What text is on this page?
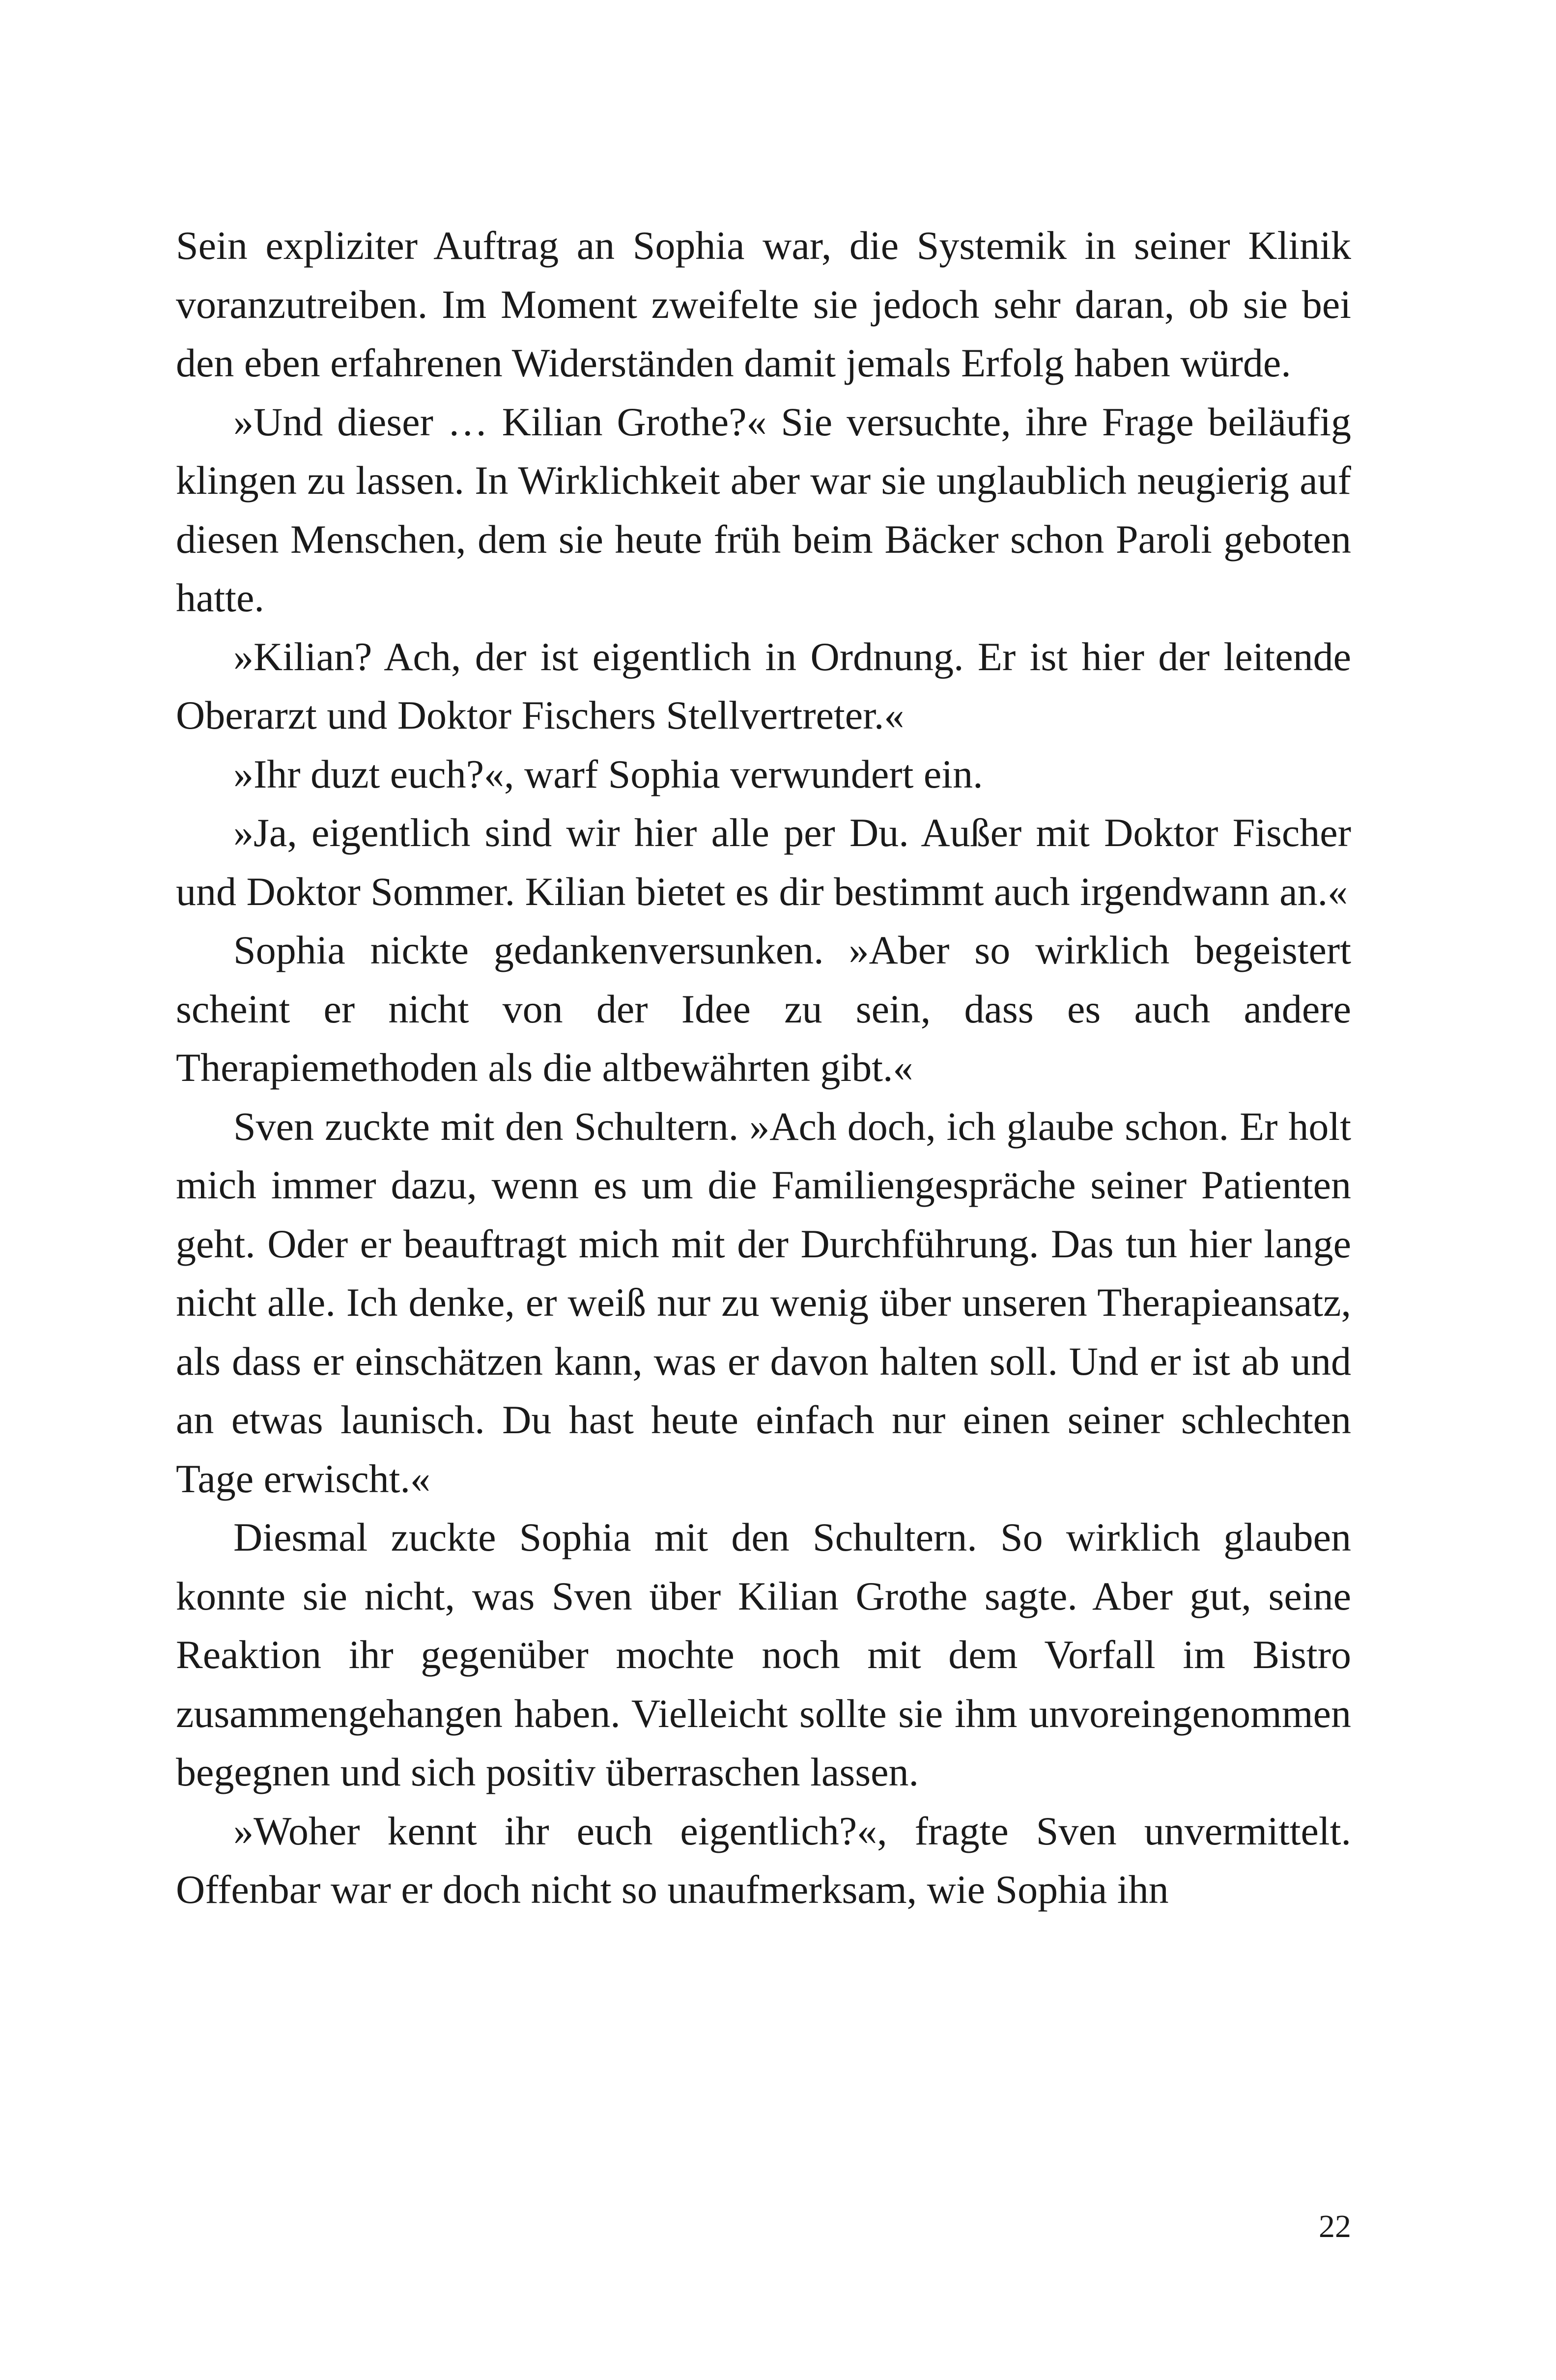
Sein expliziter Auftrag an Sophia war, die Systemik in seiner Klinik voranzutreiben. Im Moment zweifelte sie jedoch sehr daran, ob sie bei den eben erfahrenen Widerständen damit jemals Erfolg haben würde.

»Und dieser … Kilian Grothe?« Sie versuchte, ihre Frage beiläufig klingen zu lassen. In Wirklichkeit aber war sie unglaublich neugierig auf diesen Menschen, dem sie heute früh beim Bäcker schon Paroli geboten hatte.

»Kilian? Ach, der ist eigentlich in Ordnung. Er ist hier der leitende Oberarzt und Doktor Fischers Stellvertreter.«

»Ihr duzt euch?«, warf Sophia verwundert ein.

»Ja, eigentlich sind wir hier alle per Du. Außer mit Doktor Fischer und Doktor Sommer. Kilian bietet es dir bestimmt auch irgendwann an.«

Sophia nickte gedankenversunken. »Aber so wirklich begeistert scheint er nicht von der Idee zu sein, dass es auch andere Therapiemethoden als die altbewährten gibt.«

Sven zuckte mit den Schultern. »Ach doch, ich glaube schon. Er holt mich immer dazu, wenn es um die Familiengespräche seiner Patienten geht. Oder er beauftragt mich mit der Durchführung. Das tun hier lange nicht alle. Ich denke, er weiß nur zu wenig über unseren Therapieansatz, als dass er einschätzen kann, was er davon halten soll. Und er ist ab und an etwas launisch. Du hast heute einfach nur einen seiner schlechten Tage erwischt.«

Diesmal zuckte Sophia mit den Schultern. So wirklich glauben konnte sie nicht, was Sven über Kilian Grothe sagte. Aber gut, seine Reaktion ihr gegenüber mochte noch mit dem Vorfall im Bistro zusammengehangen haben. Vielleicht sollte sie ihm unvoreingenommen begegnen und sich positiv überraschen lassen.

»Woher kennt ihr euch eigentlich?«, fragte Sven unvermittelt. Offenbar war er doch nicht so unaufmerksam, wie Sophia ihn

22
